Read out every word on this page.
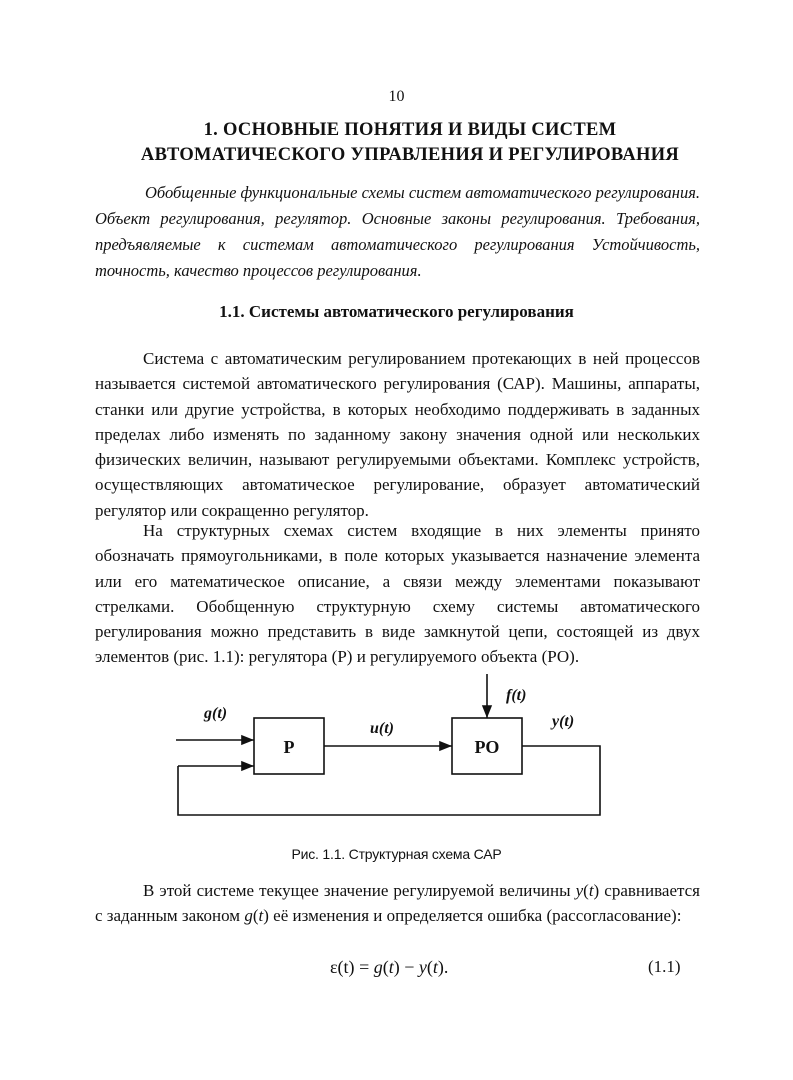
10
1. ОСНОВНЫЕ ПОНЯТИЯ И ВИДЫ СИСТЕМ
АВТОМАТИЧЕСКОГО УПРАВЛЕНИЯ И РЕГУЛИРОВАНИЯ

Обобщенные функциональные схемы систем автоматического регулирования. Объект регулирования, регулятор. Основные законы регулирования. Требования, предъявляемые к системам автоматического регулирования Устойчивость, точность, качество процессов регулирования.

1.1. Системы автоматического регулирования

Система с автоматическим регулированием протекающих в ней процессов называется системой автоматического регулирования (САР). Машины, аппараты, станки или другие устройства, в которых необходимо поддерживать в заданных пределах либо изменять по заданному закону значения одной или нескольких физических величин, называют регулируемыми объектами. Комплекс устройств, осуществляющих автоматическое регулирование, образует автоматический регулятор или сокращенно регулятор.

На структурных схемах систем входящие в них элементы принято обозначать прямоугольниками, в поле которых указывается назначение элемента или его математическое описание, а связи между элементами показывают стрелками. Обобщенную структурную схему системы автоматического регулирования можно представить в виде замкнутой цепи, состоящей из двух элементов (рис. 1.1): регулятора (Р) и регулируемого объекта (РО).

g(t)
Р
u(t)
РО
f(t)
y(t)
Рис. 1.1. Структурная схема САР

В этой системе текущее значение регулируемой величины y(t) сравнивается с заданным законом g(t) её изменения и определяется ошибка (рассогласование):

ε(t) = g(t) − y(t).	(1.1)
